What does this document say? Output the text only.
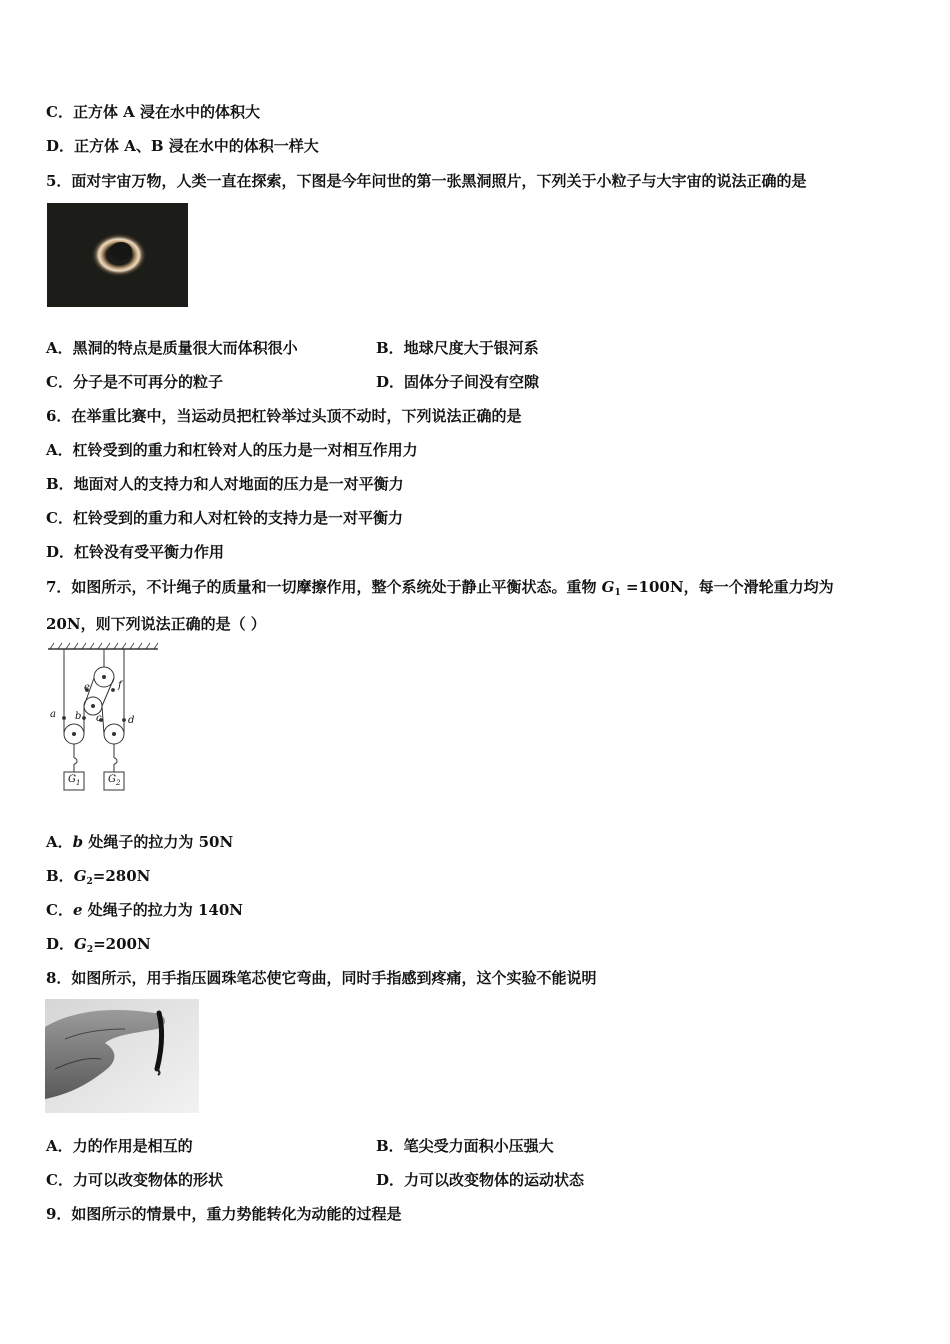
C．正方体 A 浸在水中的体积大
D．正方体 A、B 浸在水中的体积一样大
5．面对宇宙万物，人类一直在探索，下图是今年问世的第一张黑洞照片，下列关于小粒子与大宇宙的说法正确的是
A．黑洞的特点是质量很大而体积很小	B．地球尺度大于银河系
C．分子是不可再分的粒子	D．固体分子间没有空隙
6．在举重比赛中，当运动员把杠铃举过头顶不动时，下列说法正确的是
A．杠铃受到的重力和杠铃对人的压力是一对相互作用力
B．地面对人的支持力和人对地面的压力是一对平衡力
C．杠铃受到的重力和人对杠铃的支持力是一对平衡力
D．杠铃没有受平衡力作用
7．如图所示，不计绳子的质量和一切摩擦作用，整个系统处于静止平衡状态。重物 $G_1 =100N$，每一个滑轮重力均为
20N，则下列说法正确的是（ ）
a b c	d
e	f
$G_1$	$G_2$
A．b 处绳子的拉力为 50N
B．$G_2=280N$
C．e 处绳子的拉力为 140N
D．$G_2=200N$
8．如图所示，用手指压圆珠笔芯使它弯曲，同时手指感到疼痛，这个实验不能说明
A．力的作用是相互的	B．笔尖受力面积小压强大
C．力可以改变物体的形状	D．力可以改变物体的运动状态
9．如图所示的情景中，重力势能转化为动能的过程是
